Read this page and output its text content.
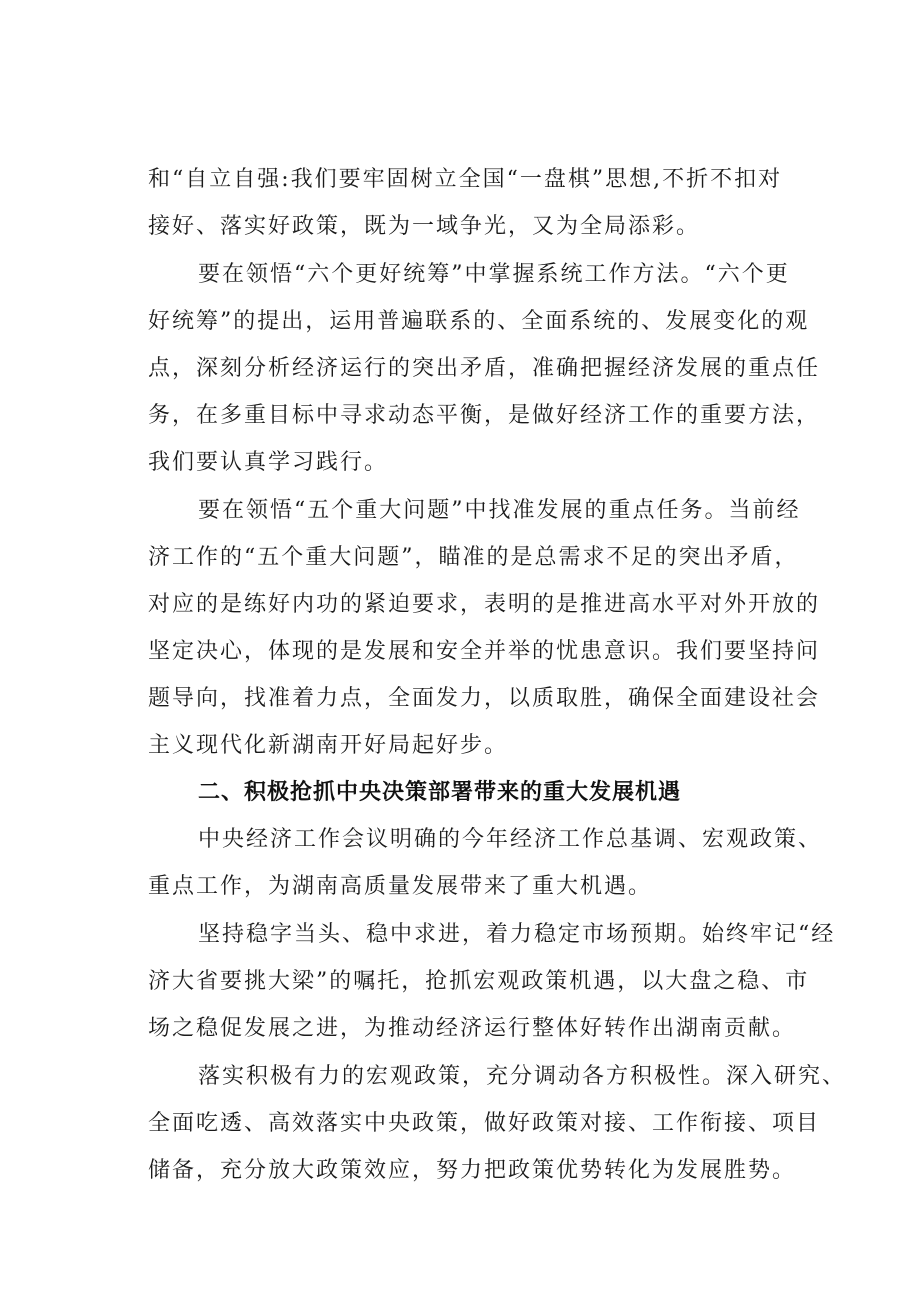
和“自立自强:我们要牢固树立全国“一盘棋”思想,不折不扣对

接好、落实好政策，既为一域争光，又为全局添彩。

要在领悟“六个更好统筹”中掌握系统工作方法。“六个更

好统筹”的提出，运用普遍联系的、全面系统的、发展变化的观

点，深刻分析经济运行的突出矛盾，准确把握经济发展的重点任

务，在多重目标中寻求动态平衡，是做好经济工作的重要方法，

我们要认真学习践行。

要在领悟“五个重大问题”中找准发展的重点任务。当前经

济工作的“五个重大问题”，瞄准的是总需求不足的突出矛盾，

对应的是练好内功的紧迫要求，表明的是推进高水平对外开放的

坚定决心，体现的是发展和安全并举的忧患意识。我们要坚持问

题导向，找准着力点，全面发力，以质取胜，确保全面建设社会

主义现代化新湖南开好局起好步。

二、积极抢抓中央决策部署带来的重大发展机遇

中央经济工作会议明确的今年经济工作总基调、宏观政策、

重点工作，为湖南高质量发展带来了重大机遇。

坚持稳字当头、稳中求进，着力稳定市场预期。始终牢记“经

济大省要挑大梁”的嘱托，抢抓宏观政策机遇，以大盘之稳、市

场之稳促发展之进，为推动经济运行整体好转作出湖南贡献。

落实积极有力的宏观政策，充分调动各方积极性。深入研究、

全面吃透、高效落实中央政策，做好政策对接、工作衔接、项目

储备，充分放大政策效应，努力把政策优势转化为发展胜势。
